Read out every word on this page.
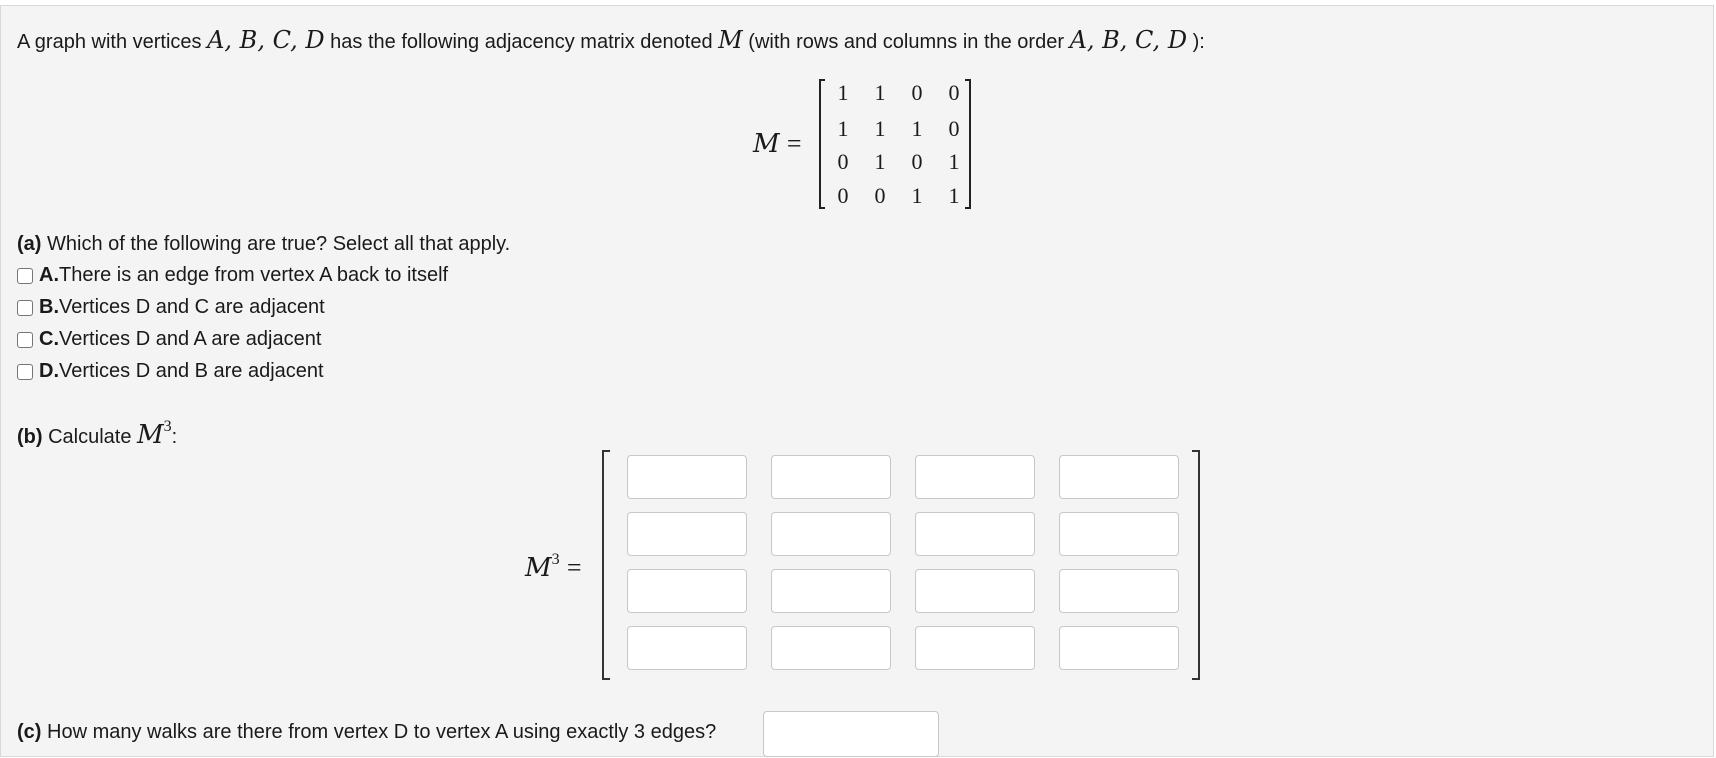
A graph with vertices A, B, C, D has the following adjacency matrix denoted M (with rows and columns in the order A, B, C, D ):
M =
1 1 0 0
1 1 1 0
0 1 0 1
0 0 1 1
(a) Which of the following are true? Select all that apply.
A. There is an edge from vertex A back to itself
B. Vertices D and C are adjacent
C. Vertices D and A are adjacent
D. Vertices D and B are adjacent
(b) Calculate $M^3$:
$M^3$ =
(c) How many walks are there from vertex D to vertex A using exactly 3 edges?
